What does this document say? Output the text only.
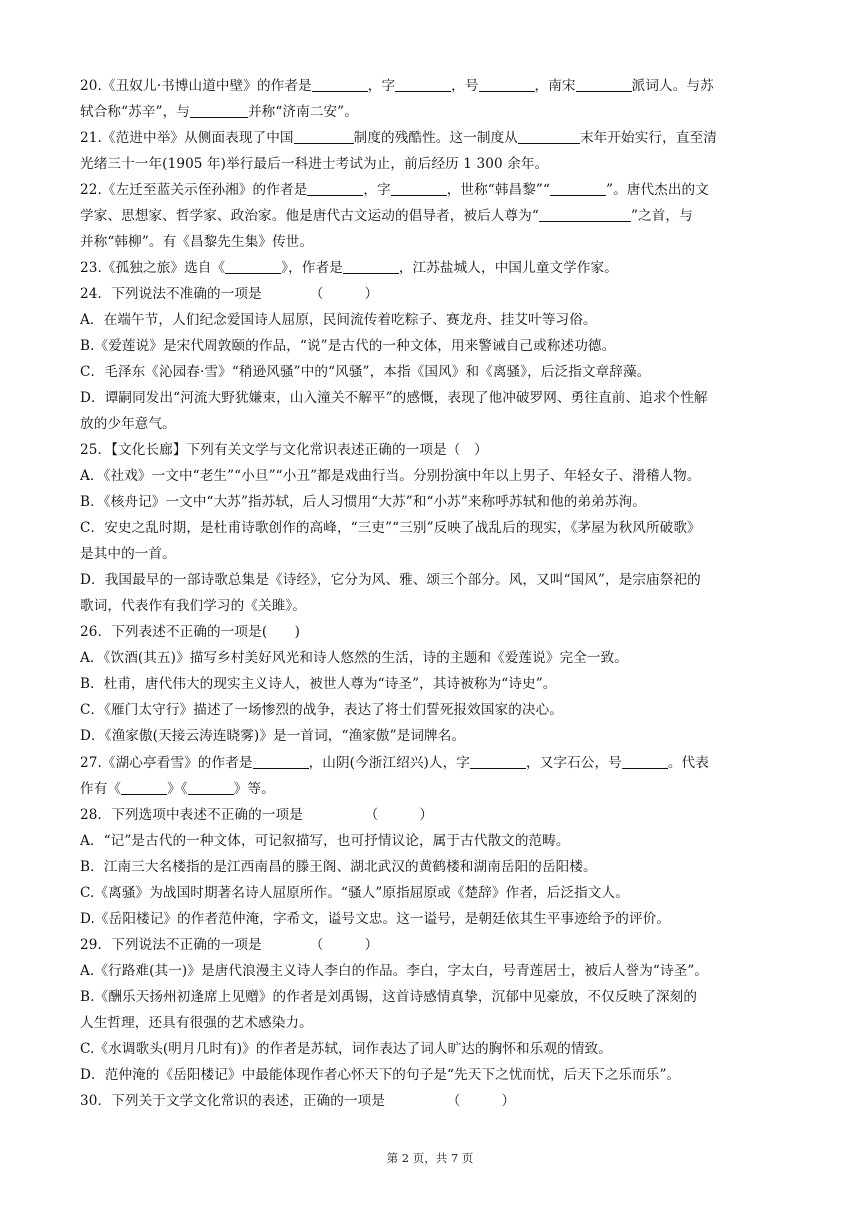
20.《丑奴儿·书博山道中壁》的作者是	，字	，号	，南宋	派词人。与苏
轼合称“苏辛”，与	并称“济南二安”。
21.《范进中举》从侧面表现了中国	制度的残酷性。这一制度从	末年开始实行，直至清
光绪三十一年(1905 年)举行最后一科进士考试为止，前后经历 1 300 余年。
22.《左迁至蓝关示侄孙湘》的作者是	，字	，世称“韩昌黎”“	”。唐代杰出的文
学家、思想家、哲学家、政治家。他是唐代古文运动的倡导者，被后人尊为“	”之首，与
并称“韩柳”。有《昌黎先生集》传世。
23.《孤独之旅》选自《	》，作者是	，江苏盐城人，中国儿童文学作家。
24．下列说法不准确的一项是　　　　（　　　）
A．在端午节，人们纪念爱国诗人屈原，民间流传着吃粽子、赛龙舟、挂艾叶等习俗。
B.《爱莲说》是宋代周敦颐的作品，“说”是古代的一种文体，用来警诫自己或称述功德。
C．毛泽东《沁园春·雪》“稍逊风骚”中的“风骚”，本指《国风》和《离骚》，后泛指文章辞藻。
D．谭嗣同发出“河流大野犹嫌束，山入潼关不解平”的感慨，表现了他冲破罗网、勇往直前、追求个性解
放的少年意气。
25．【文化长廊】下列有关文学与文化常识表述正确的一项是（　）
A．《社戏》一文中“老生”“小旦”“小丑”都是戏曲行当。分别扮演中年以上男子、年轻女子、滑稽人物。
B．《核舟记》一文中“大苏”指苏轼，后人习惯用“大苏”和“小苏”来称呼苏轼和他的弟弟苏洵。
C．安史之乱时期，是杜甫诗歌创作的高峰，“三吏”“三别”反映了战乱后的现实，《茅屋为秋风所破歌》
是其中的一首。
D．我国最早的一部诗歌总集是《诗经》，它分为风、雅、颂三个部分。风，又叫“国风”，是宗庙祭祀的
歌词，代表作有我们学习的《关雎》。
26．下列表述不正确的一项是(　　)
A．《饮酒(其五)》描写乡村美好风光和诗人悠然的生活，诗的主题和《爱莲说》完全一致。
B．杜甫，唐代伟大的现实主义诗人，被世人尊为“诗圣”，其诗被称为“诗史”。
C．《雁门太守行》描述了一场惨烈的战争，表达了将士们誓死报效国家的决心。
D．《渔家傲(天接云涛连晓雾)》是一首词，“渔家傲”是词牌名。
27.《湖心亭看雪》的作者是	，山阴(今浙江绍兴)人，字	，又字石公，号	。代表
作有《	》《	》等。
28．下列选项中表述不正确的一项是　　　　　（　　　）
A．“记”是古代的一种文体，可记叙描写，也可抒情议论，属于古代散文的范畴。
B．江南三大名楼指的是江西南昌的滕王阁、湖北武汉的黄鹤楼和湖南岳阳的岳阳楼。
C.《离骚》为战国时期著名诗人屈原所作。“骚人”原指屈原或《楚辞》作者，后泛指文人。
D.《岳阳楼记》的作者范仲淹，字希文，谥号文忠。这一谥号，是朝廷依其生平事迹给予的评价。
29．下列说法不正确的一项是　　　　（　　　）
A.《行路难(其一)》是唐代浪漫主义诗人李白的作品。李白，字太白，号青莲居士，被后人誉为“诗圣”。
B.《酬乐天扬州初逢席上见赠》的作者是刘禹锡，这首诗感情真挚，沉郁中见豪放，不仅反映了深刻的
人生哲理，还具有很强的艺术感染力。
C.《水调歌头(明月几时有)》的作者是苏轼，词作表达了词人旷达的胸怀和乐观的情致。
D．范仲淹的《岳阳楼记》中最能体现作者心怀天下的句子是“先天下之忧而忧，后天下之乐而乐”。
30．下列关于文学文化常识的表述，正确的一项是　　　　　（　　　）
第 2 页，共 7 页
